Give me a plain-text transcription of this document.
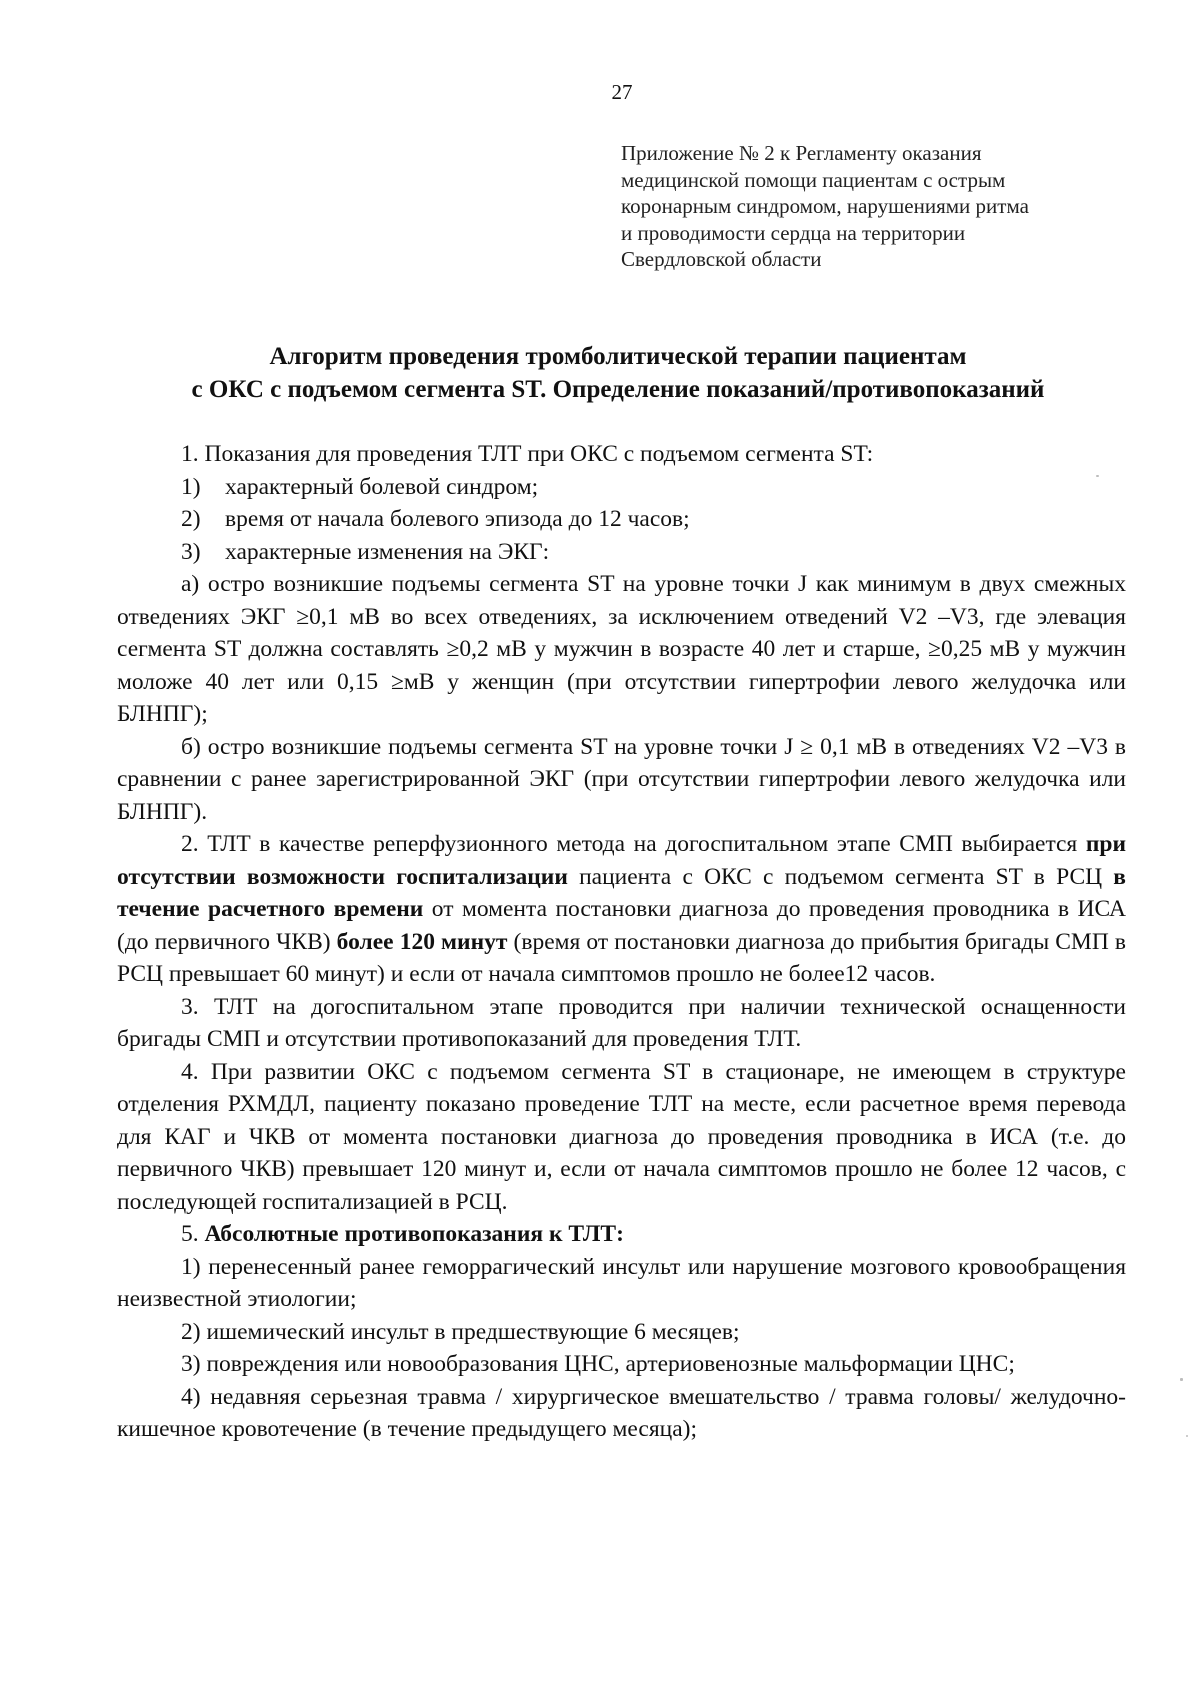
27
Приложение № 2 к Регламенту оказания
медицинской помощи пациентам с острым
коронарным синдромом, нарушениями ритма
и проводимости сердца на территории
Свердловской области
Алгоритм проведения тромболитической терапии пациентам
с ОКС с подъемом сегмента ST. Определение показаний/противопоказаний

1. Показания для проведения ТЛТ при ОКС с подъемом сегмента ST:

1) характерный болевой синдром;

2) время от начала болевого эпизода до 12 часов;

3) характерные изменения на ЭКГ:

а) остро возникшие подъемы сегмента ST на уровне точки J как минимум в двух смежных отведениях ЭКГ ≥0,1 мВ во всех отведениях, за исключением отведений V2 –V3, где элевация сегмента ST должна составлять ≥0,2 мВ у мужчин в возрасте 40 лет и старше, ≥0,25 мВ у мужчин моложе 40 лет или 0,15 ≥мВ у женщин (при отсутствии гипертрофии левого желудочка или БЛНПГ);

б) остро возникшие подъемы сегмента ST на уровне точки J ≥ 0,1 мВ в отведениях V2 –V3 в сравнении с ранее зарегистрированной ЭКГ (при отсутствии гипертрофии левого желудочка или БЛНПГ).

2. ТЛТ в качестве реперфузионного метода на догоспитальном этапе СМП выбирается при отсутствии возможности госпитализации пациента с ОКС с подъемом сегмента ST в РСЦ в течение расчетного времени от момента постановки диагноза до проведения проводника в ИСА (до первичного ЧКВ) более 120 минут (время от постановки диагноза до прибытия бригады СМП в РСЦ превышает 60 минут) и если от начала симптомов прошло не более12 часов.

3. ТЛТ на догоспитальном этапе проводится при наличии технической оснащенности бригады СМП и отсутствии противопоказаний для проведения ТЛТ.

4. При развитии ОКС с подъемом сегмента ST в стационаре, не имеющем в структуре отделения РХМДЛ, пациенту показано проведение ТЛТ на месте, если расчетное время перевода для КАГ и ЧКВ от момента постановки диагноза до проведения проводника в ИСА (т.е. до первичного ЧКВ) превышает 120 минут и, если от начала симптомов прошло не более 12 часов, с последующей госпитализацией в РСЦ.

5. Абсолютные противопоказания к ТЛТ:

1) перенесенный ранее геморрагический инсульт или нарушение мозгового кровообращения неизвестной этиологии;

2) ишемический инсульт в предшествующие 6 месяцев;

3) повреждения или новообразования ЦНС, артериовенозные мальформации ЦНС;

4) недавняя серьезная травма / хирургическое вмешательство / травма головы/ желудочно-кишечное кровотечение (в течение предыдущего месяца);
